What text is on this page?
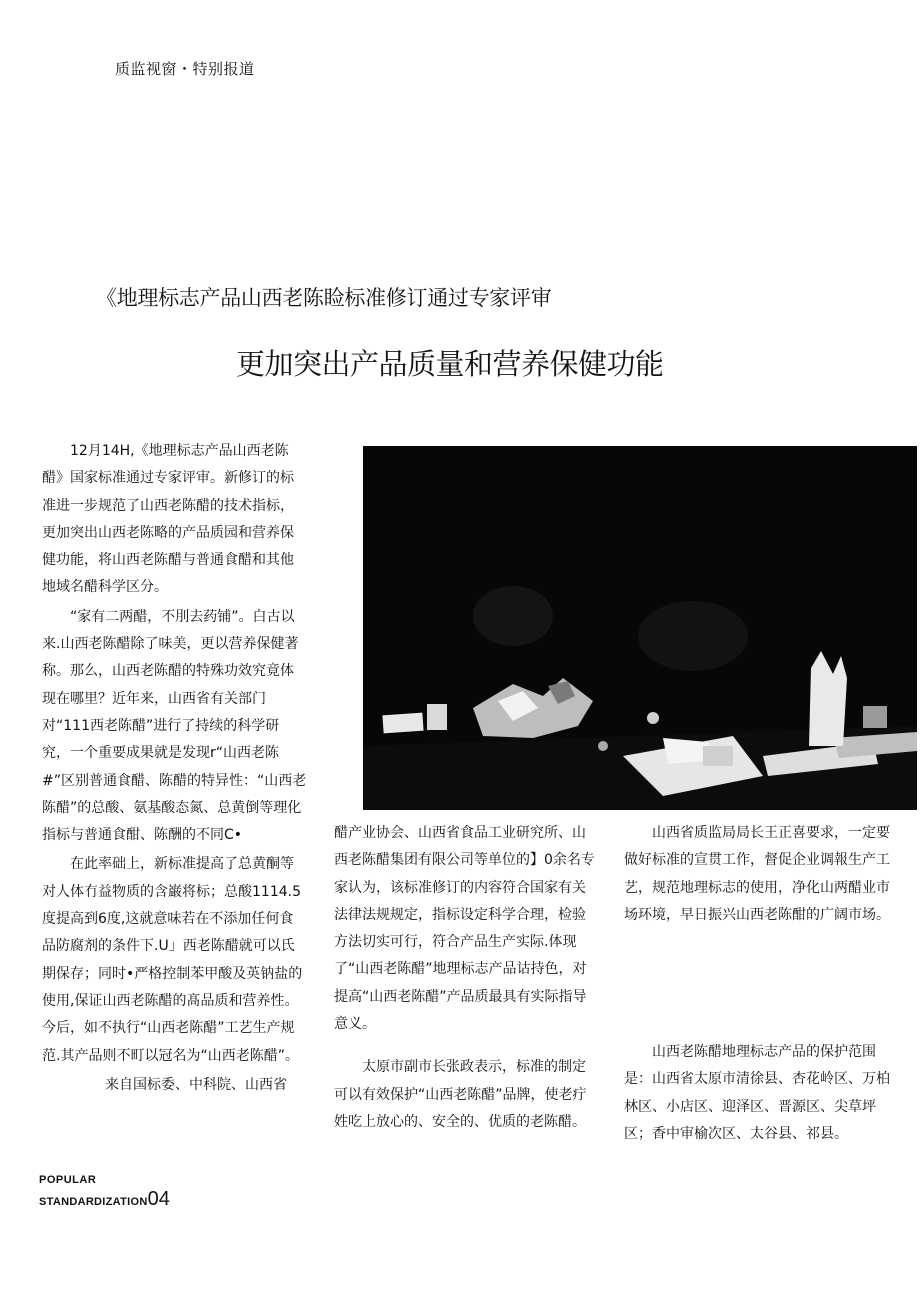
质监视窗・特别报道
《地理标志产品山西老陈睑标准修订通过专家评审
更加突出产品质量和营养保健功能

12月14H,《地理标志产品山西老陈醋》国家标准通过专家评审。新修订的标准进一步规范了山西老陈醋的技术指标，更加突出山西老陈略的产品质园和营养保健功能，将山西老陈醋与普通食醋和其他地域名醋科学区分。

“家有二两醋，不刖去药铺”。白古以来.山西老陈醋除了味美，更以营养保健著称。那么，山西老陈醋的特殊功效究竟体现在哪里？近年来，山西省有关部门对“111西老陈醋”进行了持续的科学研究，一个重要成果就是发现r“山西老陈#”区别普通食醋、陈醋的特异性：“山西老陈醋”的总酸、氨基酸态氮、总黄倒等理化指标与普通食酣、陈酬的不同C•

在此率础上，新标准提高了总黄酮等对人体冇益物质的含巌将标；总酸1114.5度提高到6度,这就意味若在不添加任何食品防腐剂的条件下.U」西老陈醋就可以氏期保存；同时•严格控制苯甲酸及英钠盐的使用,保证山西老陈醋的髙品质和营养性。今后，如不执行“山西老陈醋”工艺生产规范.其产品则不町以冠名为“山西老陈醋”。

来自国标委、中科院、山西省

醋产业协会、山西省食品工业研究所、山西老陈醋集团有限公司等单位的】0余名专家认为，该标准修订的内容符合国家有关法律法规规定，指标设定科学合理，检验方法切实可行，符合产品生产实际.体现了“山西老陈醋”地理标志产品诂持色，对提高“山西老陈醋”产品质最具有实际指导意义。

太原市副市长张政表示，标准的制定可以有效保护“山西老陈醋”品牌，使老疔姓吃上放心的、安全的、优质的老陈醋。

山西省质监局局长王正喜要求，一定要做好标准的宣贯工作，督促企业调報生产工艺，规范地理标志的使用，净化山两醋业市场环境，早日振兴山西老陈酣的广阔市场。

山西老陈醋地理标志产品的保护范围是：山西省太原市清徐县、杏花岭区、万柏林区、小店区、迎泽区、晋源区、尖草坪区；香中审榆次区、太谷县、祁县。

POPULAR
STANDARDIZATION04
